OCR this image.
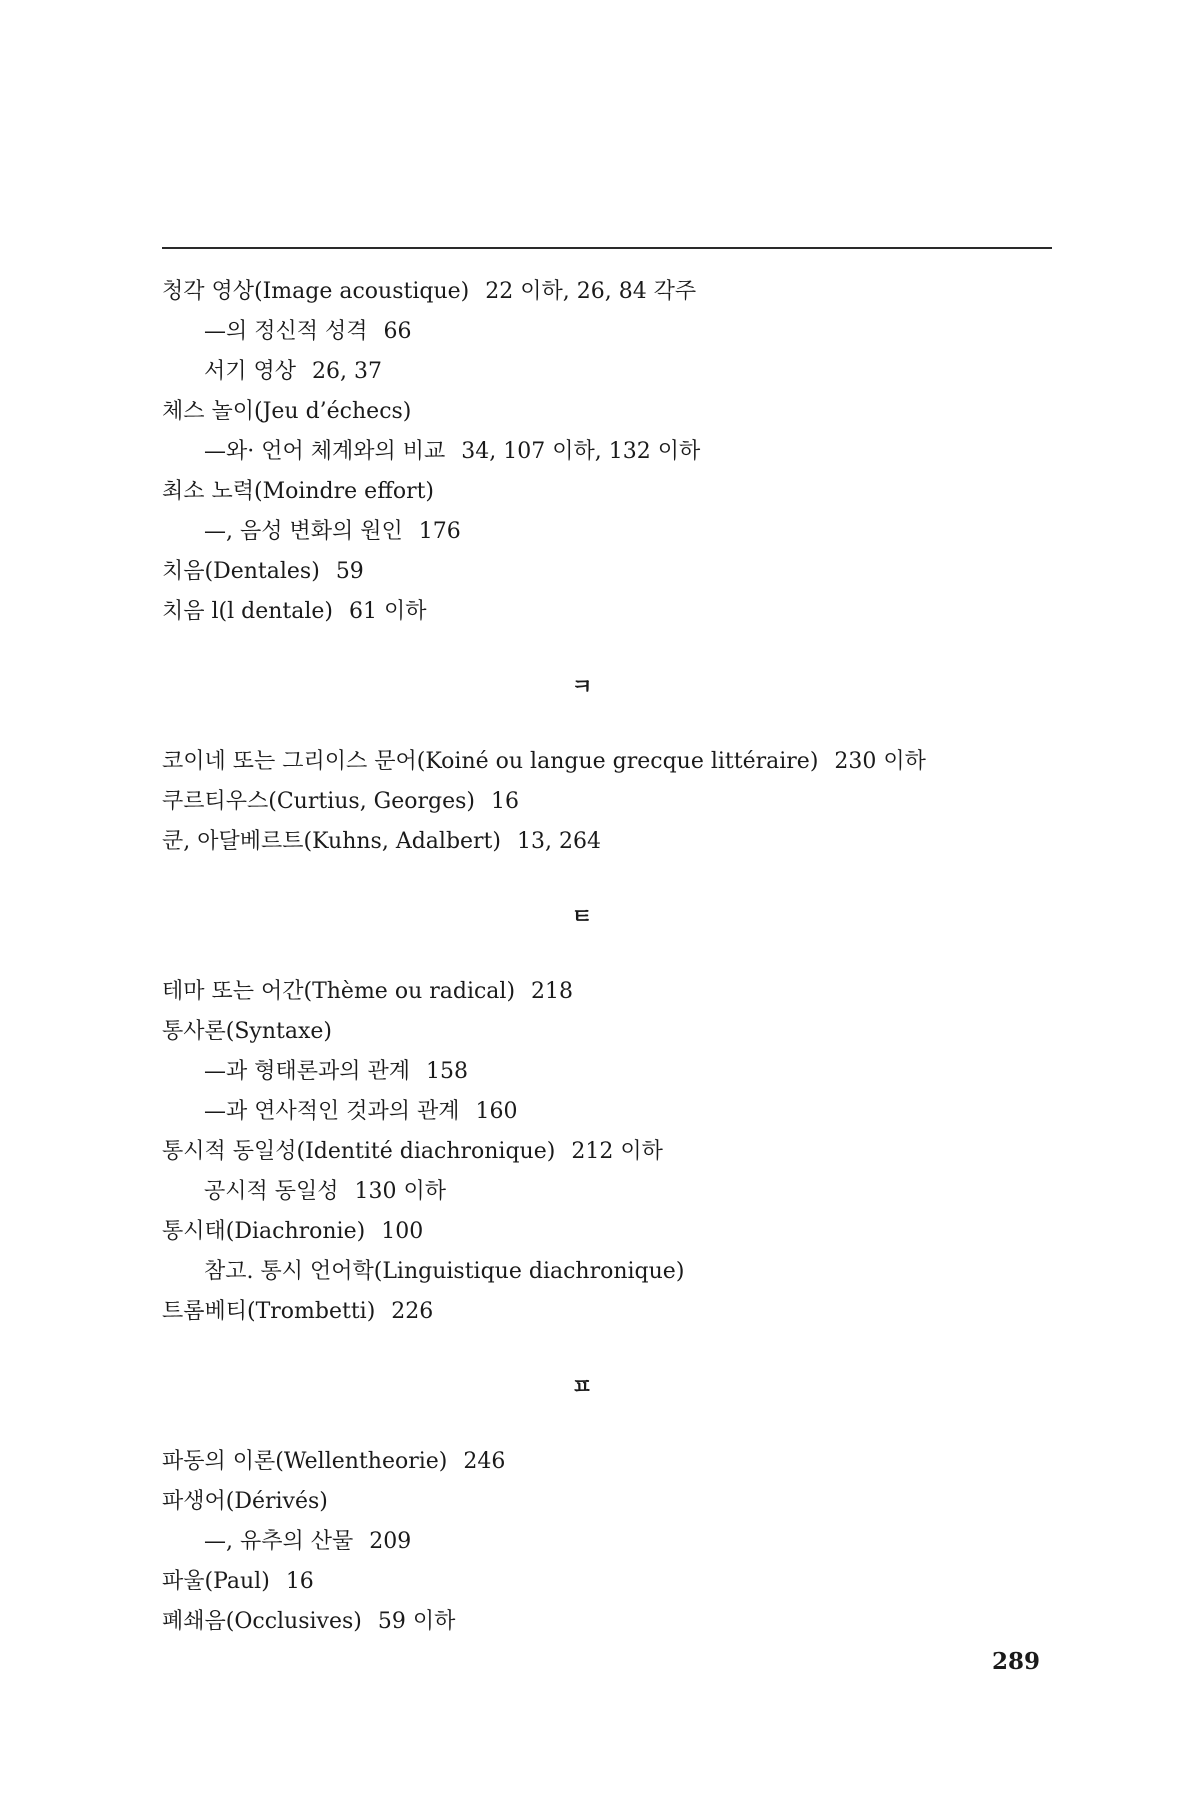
청각 영상(Image acoustique) 22 이하, 26, 84 각주
—의 정신적 성격 66
서기 영상 26, 37
체스 놀이(Jeu d’échecs)
—와· 언어 체계와의 비교 34, 107 이하, 132 이하
최소 노력(Moindre effort)
—, 음성 변화의 원인 176
치음(Dentales) 59
치음 l(l dentale) 61 이하
ㅋ
코이네 또는 그리이스 문어(Koiné ou langue grecque littéraire) 230 이하
쿠르티우스(Curtius, Georges) 16
쿤, 아달베르트(Kuhns, Adalbert) 13, 264
ㅌ
테마 또는 어간(Thème ou radical) 218
통사론(Syntaxe)
—과 형태론과의 관계 158
—과 연사적인 것과의 관계 160
통시적 동일성(Identité diachronique) 212 이하
공시적 동일성 130 이하
통시태(Diachronie) 100
참고. 통시 언어학(Linguistique diachronique)
트롬베티(Trombetti) 226
ㅍ
파동의 이론(Wellentheorie) 246
파생어(Dérivés)
—, 유추의 산물 209
파울(Paul) 16
폐쇄음(Occlusives) 59 이하
289
